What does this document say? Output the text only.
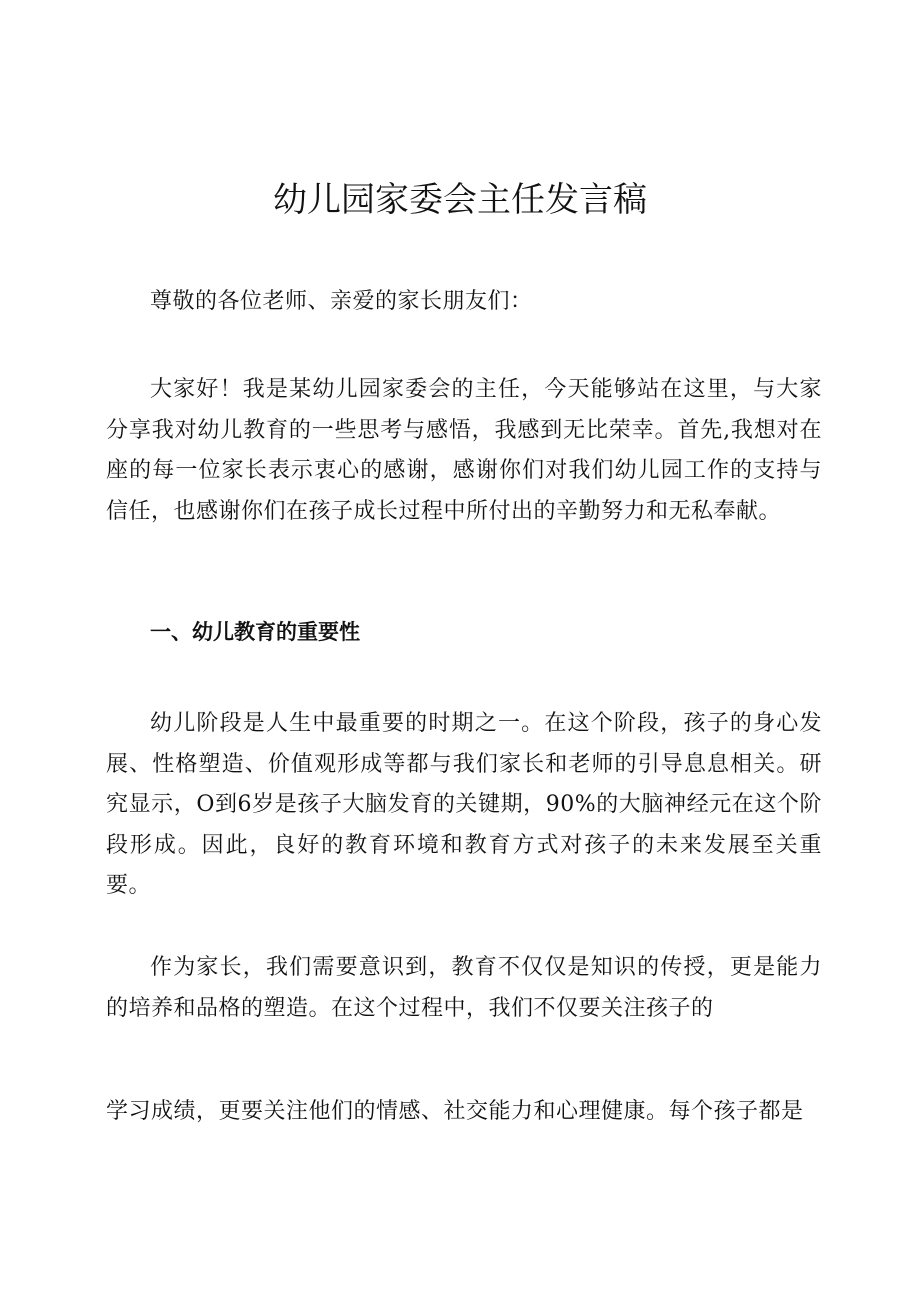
幼儿园家委会主任发言稿
尊敬的各位老师、亲爱的家长朋友们：
大家好！我是某幼儿园家委会的主任，今天能够站在这里，与大家分享我对幼儿教育的一些思考与感悟，我感到无比荣幸。首先,我想对在座的每一位家长表示衷心的感谢，感谢你们对我们幼儿园工作的支持与信任，也感谢你们在孩子成长过程中所付出的辛勤努力和无私奉献。
一、幼儿教育的重要性
幼儿阶段是人生中最重要的时期之一。在这个阶段，孩子的身心发展、性格塑造、价值观形成等都与我们家长和老师的引导息息相关。研究显示，O到6岁是孩子大脑发育的关键期，90%的大脑神经元在这个阶段形成。因此，良好的教育环境和教育方式对孩子的未来发展至关重要。
作为家长，我们需要意识到，教育不仅仅是知识的传授，更是能力的培养和品格的塑造。在这个过程中，我们不仅要关注孩子的
学习成绩，更要关注他们的情感、社交能力和心理健康。每个孩子都是
